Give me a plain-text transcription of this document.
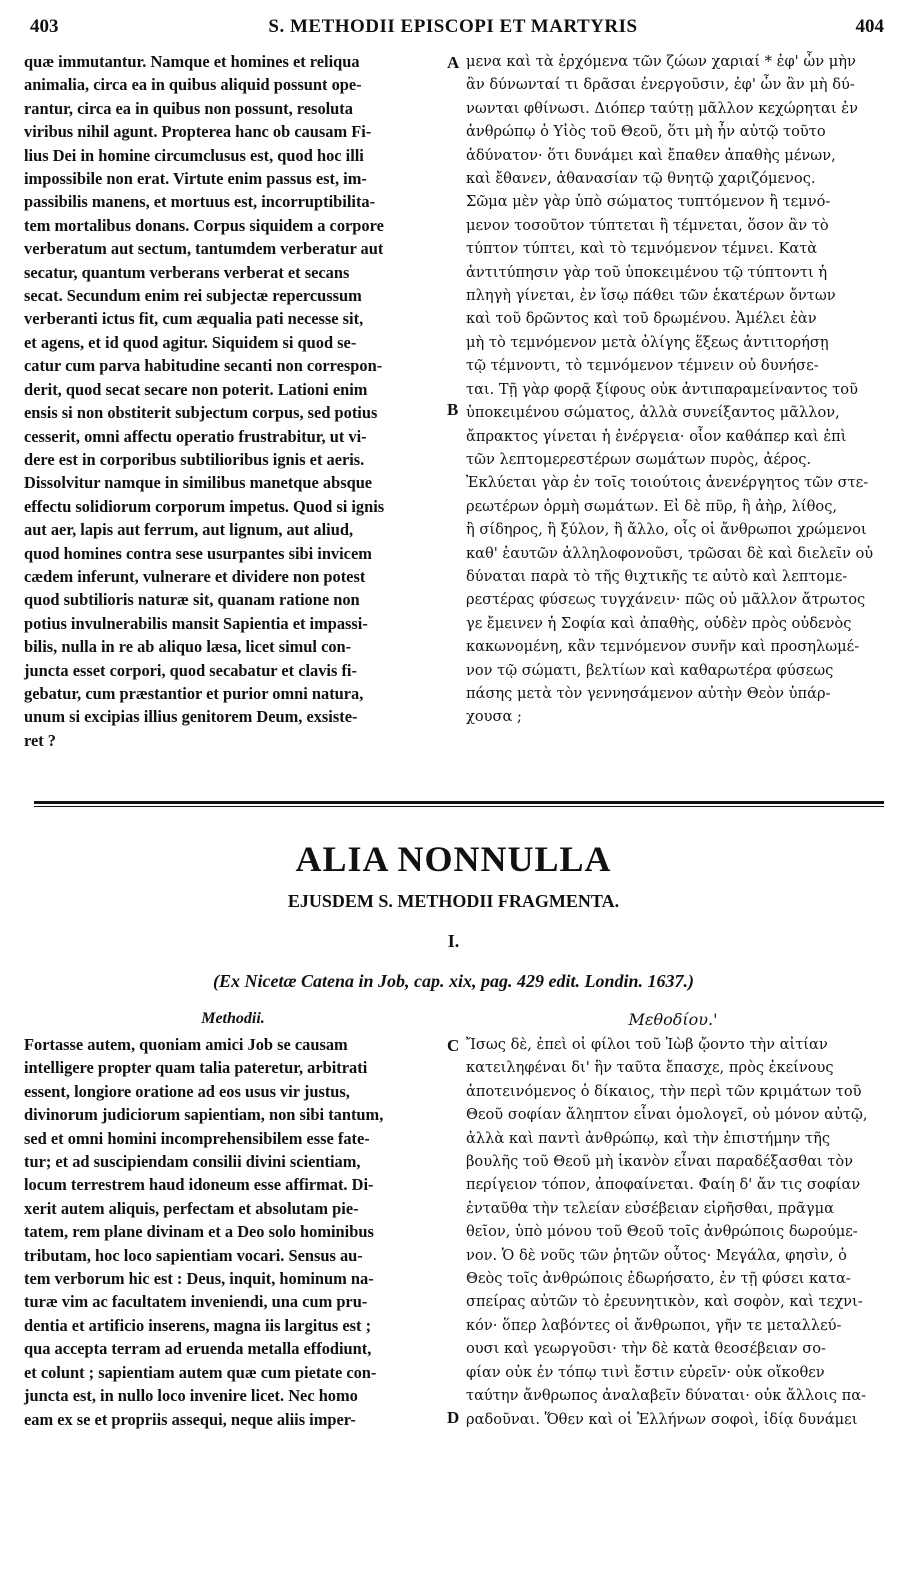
403	S. METHODII EPISCOPI ET MARTYRIS	404
quæ immutantur. Namque et homines et reliqua
animalia, circa ea in quibus aliquid possunt ope-
rantur, circa ea in quibus non possunt, resoluta
viribus nihil agunt. Propterea hanc ob causam Fi-
lius Dei in homine circumclusus est, quod hoc illi
impossibile non erat. Virtute enim passus est, im-
passibilis manens, et mortuus est, incorruptibilita-
tem mortalibus donans. Corpus siquidem a corpore
verberatum aut sectum, tantumdem verberatur aut
secatur, quantum verberans verberat et secans
secat. Secundum enim rei subjectæ repercussum
verberanti ictus fit, cum æqualia pati necesse sit,
et agens, et id quod agitur. Siquidem si quod se-
catur cum parva habitudine secanti non correspon-
derit, quod secat secare non poterit. Lationi enim
ensis si non obstiterit subjectum corpus, sed potius
cesserit, omni affectu operatio frustrabitur, ut vi-
dere est in corporibus subtilioribus ignis et aeris.
Dissolvitur namque in similibus manetque absque
effectu solidiorum corporum impetus. Quod si ignis
aut aer, lapis aut ferrum, aut lignum, aut aliud,
quod homines contra sese usurpantes sibi invicem
cædem inferunt, vulnerare et dividere non potest
quod subtilioris naturæ sit, quanam ratione non
potius invulnerabilis mansit Sapientia et impassi-
bilis, nulla in re ab aliquo læsa, licet simul con-
juncta esset corpori, quod secabatur et clavis fi-
gebatur, cum præstantior et purior omni natura,
unum si excipias illius genitorem Deum, exsiste-
ret ?
μενα καὶ τὰ ἐρχόμενα τῶν ζώων χαριαί * ἐφ' ὧν μὴν
ἂν δύνωνταί τι δρᾶσαι ἐνεργοῦσιν, ἐφ' ὧν ἂν μὴ δύ-
νωνται φθίνωσι. Διόπερ ταύτῃ μᾶλλον κεχώρηται ἐν
ἀνθρώπῳ ὁ Υἱὸς τοῦ Θεοῦ, ὅτι μὴ ἦν αὐτῷ τοῦτο
ἀδύνατον· ὅτι δυνάμει καὶ ἔπαθεν ἀπαθὴς μένων,
καὶ ἔθανεν, ἀθανασίαν τῷ θνητῷ χαριζόμενος.
Σῶμα μὲν γὰρ ὑπὸ σώματος τυπτόμενον ἢ τεμνό-
μενον τοσοῦτον τύπτεται ἢ τέμνεται, ὅσον ἂν τὸ
τύπτον τύπτει, καὶ τὸ τεμνόμενον τέμνει. Κατὰ
ἀντιτύπησιν γὰρ τοῦ ὑποκειμένου τῷ τύπτοντι ἡ
πληγὴ γίνεται, ἐν ἴσῳ πάθει τῶν ἑκατέρων ὄντων
καὶ τοῦ δρῶντος καὶ τοῦ δρωμένου. Ἀμέλει ἐὰν
μὴ τὸ τεμνόμενον μετὰ ὀλίγης ἕξεως ἀντιτορήσῃ
τῷ τέμνοντι, τὸ τεμνόμενον τέμνειν οὐ δυνήσε-
ται. Τῇ γὰρ φορᾷ ξίφους οὐκ ἀντιπαραμείναντος τοῦ
ὑποκειμένου σώματος, ἀλλὰ συνείξαντος μᾶλλον,
ἄπρακτος γίνεται ἡ ἐνέργεια· οἷον καθάπερ καὶ ἐπὶ
τῶν λεπτομερεστέρων σωμάτων πυρὸς, ἀέρος.
Ἐκλύεται γὰρ ἐν τοῖς τοιούτοις ἀνενέργητος τῶν στε-
ρεωτέρων ὁρμὴ σωμάτων. Εἰ δὲ πῦρ, ἢ ἀὴρ, λίθος,
ἢ σίδηρος, ἢ ξύλον, ἢ ἄλλο, οἷς οἱ ἄνθρωποι χρώμενοι
καθ' ἑαυτῶν ἀλληλοφονοῦσι, τρῶσαι δὲ καὶ διελεῖν οὐ
δύναται παρὰ τὸ τῆς θιχτικῆς τε αὐτὸ καὶ λεπτομε-
ρεστέρας φύσεως τυγχάνειν· πῶς οὐ μᾶλλον ἄτρωτος
γε ἔμεινεν ἡ Σοφία καὶ ἀπαθὴς, οὐδὲν πρὸς οὐδενὸς
κακωνομένη, κἂν τεμνόμενον συνῆν καὶ προσηλωμέ-
νον τῷ σώματι, βελτίων καὶ καθαρωτέρα φύσεως
πάσης μετὰ τὸν γεννησάμενον αὐτὴν Θεὸν ὑπάρ-
χουσα ;
A
B
ALIA NONNULLA
EJUSDEM S. METHODII FRAGMENTA.
I.
(Ex Nicetæ Catena in Job, cap. xix, pag. 429 edit. Londin. 1637.)
Methodii.	Μεθοδίου.'
Fortasse autem, quoniam amici Job se causam
intelligere propter quam talia pateretur, arbitrati
essent, longiore oratione ad eos usus vir justus,
divinorum judiciorum sapientiam, non sibi tantum,
sed et omni homini incomprehensibilem esse fate-
tur; et ad suscipiendam consilii divini scientiam,
locum terrestrem haud idoneum esse affirmat. Di-
xerit autem aliquis, perfectam et absolutam pie-
tatem, rem plane divinam et a Deo solo hominibus
tributam, hoc loco sapientiam vocari. Sensus au-
tem verborum hic est : Deus, inquit, hominum na-
turæ vim ac facultatem inveniendi, una cum pru-
dentia et artificio inserens, magna iis largitus est ;
qua accepta terram ad eruenda metalla effodiunt,
et colunt ; sapientiam autem quæ cum pietate con-
juncta est, in nullo loco invenire licet. Nec homo
eam ex se et propriis assequi, neque aliis imper-
Ἴσως δὲ, ἐπεὶ οἱ φίλοι τοῦ Ἰὼβ ᾤοντο τὴν αἰτίαν
κατειληφέναι δι' ἣν ταῦτα ἔπασχε, πρὸς ἐκείνους
ἀποτεινόμενος ὁ δίκαιος, τὴν περὶ τῶν κριμάτων τοῦ
Θεοῦ σοφίαν ἄληπτον εἶναι ὁμολογεῖ, οὐ μόνον αὐτῷ,
ἀλλὰ καὶ παντὶ ἀνθρώπῳ, καὶ τὴν ἐπιστήμην τῆς
βουλῆς τοῦ Θεοῦ μὴ ἱκανὸν εἶναι παραδέξασθαι τὸν
περίγειον τόπον, ἀποφαίνεται. Φαίη δ' ἄν τις σοφίαν
ἐνταῦθα τὴν τελείαν εὐσέβειαν εἰρῆσθαι, πρᾶγμα
θεῖον, ὑπὸ μόνου τοῦ Θεοῦ τοῖς ἀνθρώποις δωρούμε-
νον. Ὁ δὲ νοῦς τῶν ῥητῶν οὗτος· Μεγάλα, φησὶν, ὁ
Θεὸς τοῖς ἀνθρώποις ἐδωρήσατο, ἐν τῇ φύσει κατα-
σπείρας αὐτῶν τὸ ἐρευνητικὸν, καὶ σοφὸν, καὶ τεχνι-
κόν· ὅπερ λαβόντες οἱ ἄνθρωποι, γῆν τε μεταλλεύ-
ουσι καὶ γεωργοῦσι· τὴν δὲ κατὰ θεοσέβειαν σο-
φίαν οὐκ ἐν τόπῳ τινὶ ἔστιν εὑρεῖν· οὐκ οἴκοθεν
ταύτην ἄνθρωπος ἀναλαβεῖν δύναται· οὐκ ἄλλοις πα-
ραδοῦναι. Ὅθεν καὶ οἱ Ἑλλήνων σοφοὶ, ἰδίᾳ δυνάμει
C
D
